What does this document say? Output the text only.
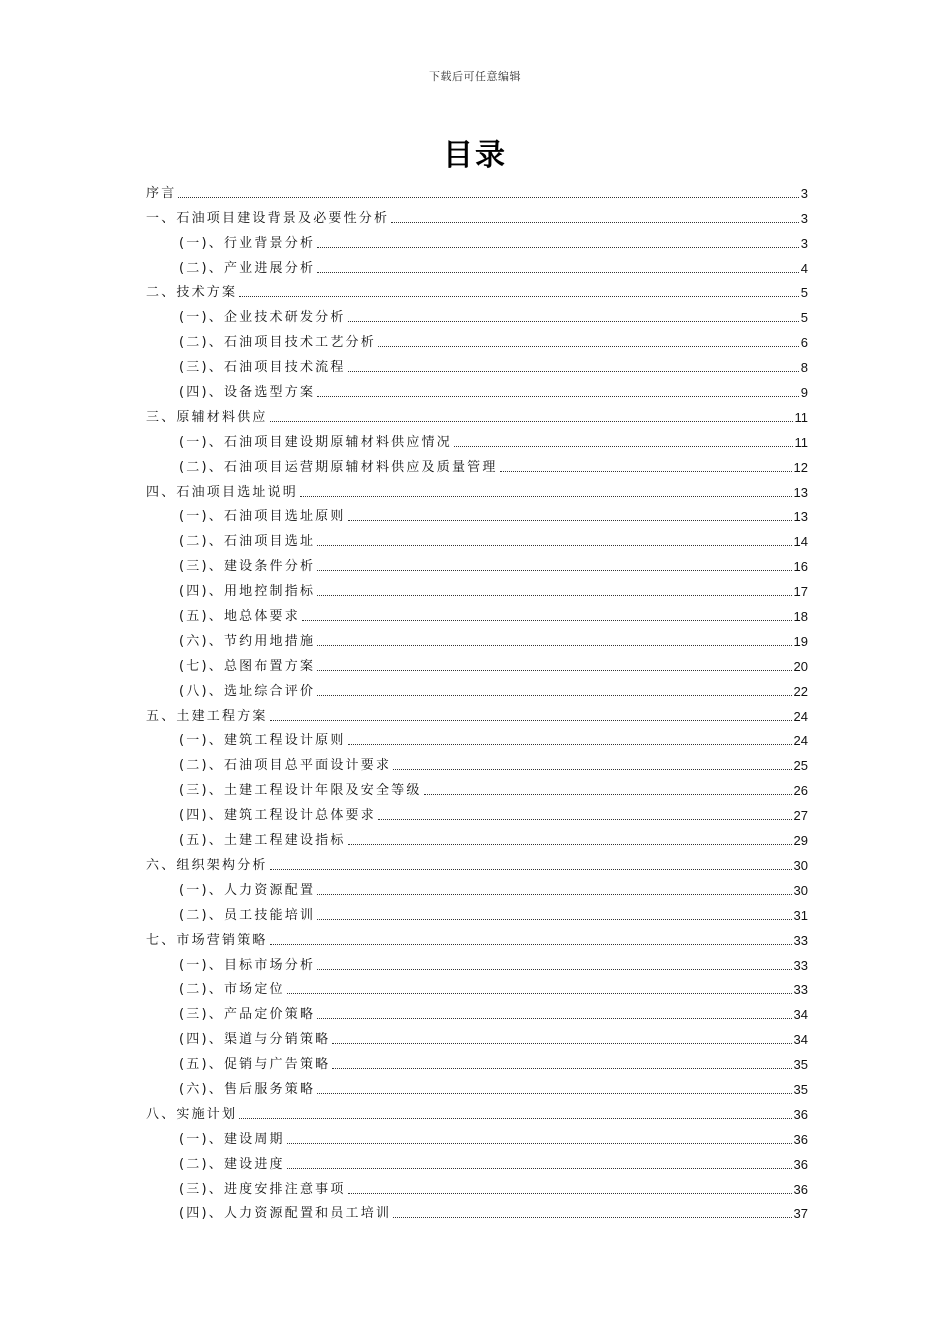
下载后可任意编辑
目录
序言	3
一、石油项目建设背景及必要性分析	3
(一)、行业背景分析	3
(二)、产业进展分析	4
二、技术方案	5
(一)、企业技术研发分析	5
(二)、石油项目技术工艺分析	6
(三)、石油项目技术流程	8
(四)、设备选型方案	9
三、原辅材料供应	11
(一)、石油项目建设期原辅材料供应情况	11
(二)、石油项目运营期原辅材料供应及质量管理	12
四、石油项目选址说明	13
(一)、石油项目选址原则	13
(二)、石油项目选址	14
(三)、建设条件分析	16
(四)、用地控制指标	17
(五)、地总体要求	18
(六)、节约用地措施	19
(七)、总图布置方案	20
(八)、选址综合评价	22
五、土建工程方案	24
(一)、建筑工程设计原则	24
(二)、石油项目总平面设计要求	25
(三)、土建工程设计年限及安全等级	26
(四)、建筑工程设计总体要求	27
(五)、土建工程建设指标	29
六、组织架构分析	30
(一)、人力资源配置	30
(二)、员工技能培训	31
七、市场营销策略	33
(一)、目标市场分析	33
(二)、市场定位	33
(三)、产品定价策略	34
(四)、渠道与分销策略	34
(五)、促销与广告策略	35
(六)、售后服务策略	35
八、实施计划	36
(一)、建设周期	36
(二)、建设进度	36
(三)、进度安排注意事项	36
(四)、人力资源配置和员工培训	37
